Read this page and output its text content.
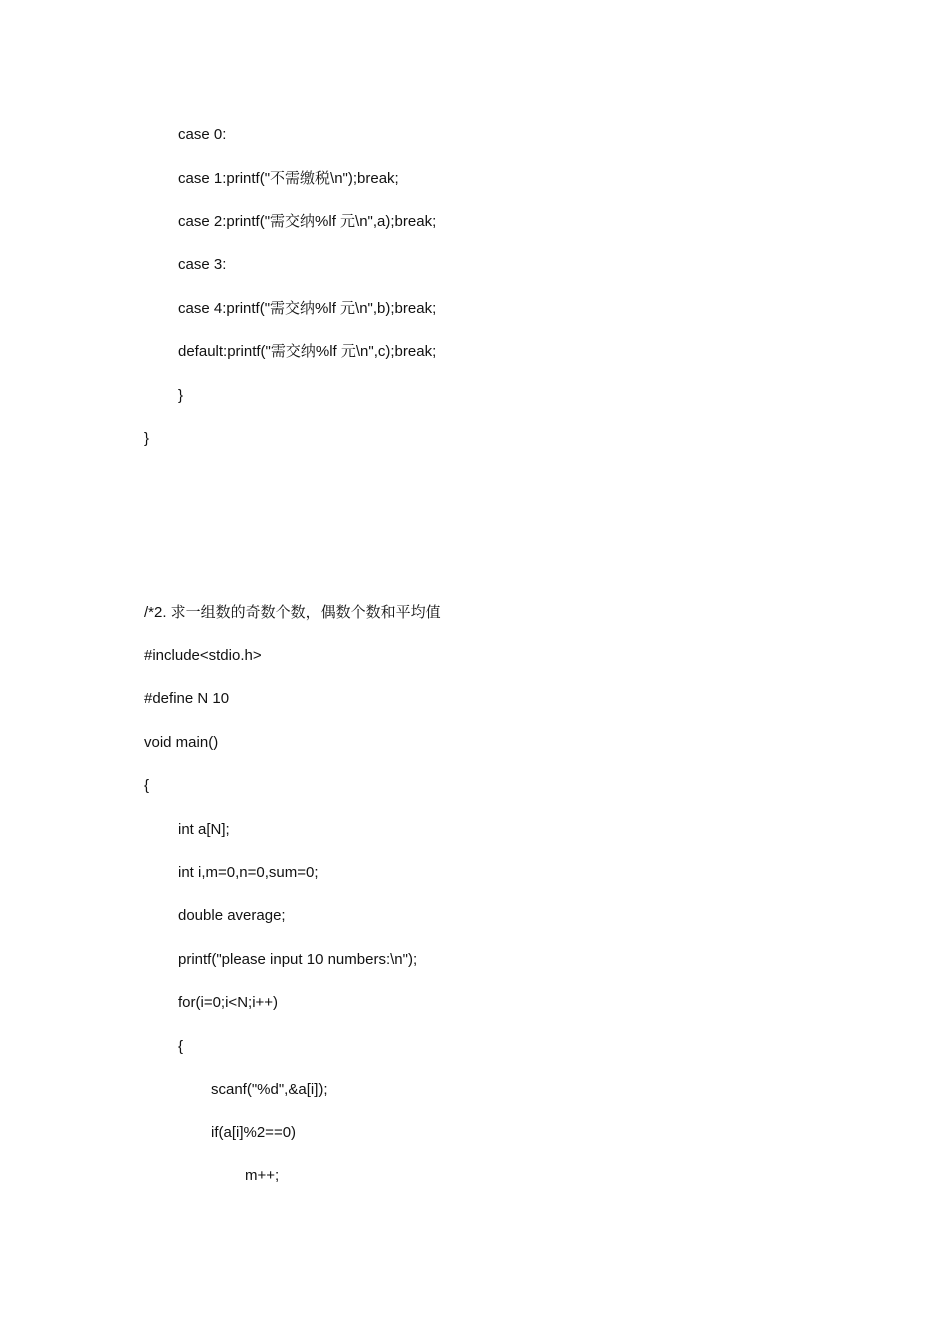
case 0:

case 1:printf("不需缴税\n");break;

case 2:printf("需交纳%lf 元\n",a);break;

case 3:

case 4:printf("需交纳%lf 元\n",b);break;

default:printf("需交纳%lf 元\n",c);break;

}

}

/*2. 求一组数的奇数个数，偶数个数和平均值

#include<stdio.h>

#define N 10

void main()

{

int a[N];

int i,m=0,n=0,sum=0;

double average;

printf("please input 10 numbers:\n");

for(i=0;i<N;i++)

{

scanf("%d",&a[i]);

if(a[i]%2==0)

m++;
